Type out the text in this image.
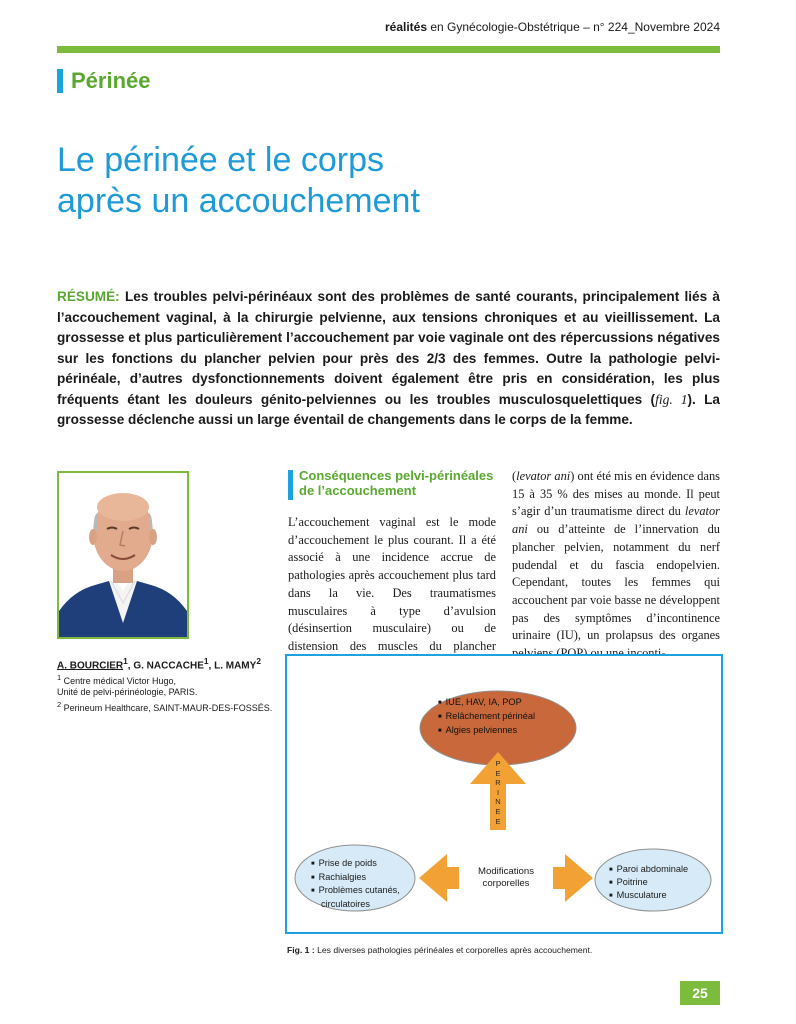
réalités en Gynécologie-Obstétrique – n° 224_Novembre 2024
Périnée
Le périnée et le corps
après un accouchement

RÉSUMÉ: Les troubles pelvi-périnéaux sont des problèmes de santé courants, principalement liés à l’accouchement vaginal, à la chirurgie pelvienne, aux tensions chroniques et au vieillissement. La grossesse et plus particulièrement l’accouchement par voie vaginale ont des répercussions négatives sur les fonctions du plancher pelvien pour près des 2/3 des femmes. Outre la pathologie pelvi-périnéale, d’autres dysfonctionnements doivent également être pris en considération, les plus fréquents étant les douleurs génito-pelviennes ou les troubles musculosquelettiques (fig. 1). La grossesse déclenche aussi un large éventail de changements dans le corps de la femme.

A. BOURCIER$^1$, G. NACCACHE$^1$, L. MAMY$^2$
$^1$ Centre médical Victor Hugo,
Unité de pelvi-périnéologie, PARIS.
$^2$ Perineum Healthcare, SAINT-MAUR-DES-FOSSÉS.
Conséquences pelvi-périnéales de l’accouchement

L’accouchement vaginal est le mode d’accouchement le plus courant. Il a été associé à une incidence accrue de pathologies après accouchement plus tard dans la vie. Des traumatismes musculaires à type d’avulsion (désinsertion musculaire) ou de distension des muscles du plancher

(levator ani) ont été mis en évidence dans 15 à 35 % des mises au monde. Il peut s’agir d’un traumatisme direct du levator ani ou d’atteinte de l’innervation du plancher pelvien, notamment du nerf pudendal et du fascia endopelvien. Cependant, toutes les femmes qui accouchent par voie basse ne développent pas des symptômes d’incontinence urinaire (IU), un prolapsus des organes

■ IUE, HAV, IA, POP
■ Relâchement périnéal
■ Algies pelviennes
P
E
R
I
N
E
E
Modifications
corporelles
■ Prise de poids
■ Rachialgies
■ Problèmes cutanés,
circulatoires
■ Paroi abdominale
■ Poitrine
■ Musculature
Fig. 1 : Les diverses pathologies périnéales et corporelles après accouchement.
25
